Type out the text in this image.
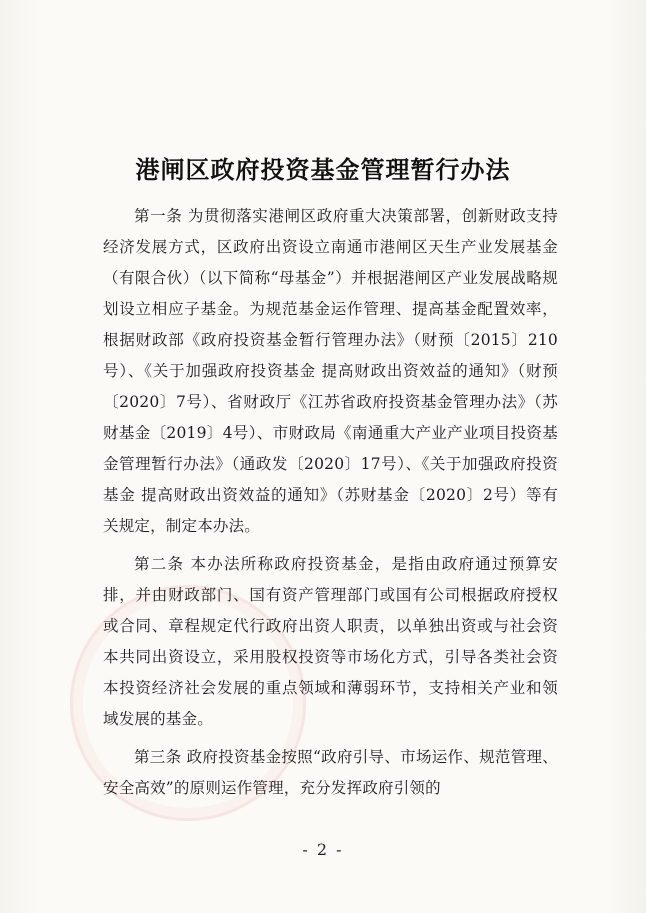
港闸区政府投资基金管理暂行办法

第一条 为贯彻落实港闸区政府重大决策部署，创新财政支持经济发展方式，区政府出资设立南通市港闸区天生产业发展基金（有限合伙）（以下简称“母基金”）并根据港闸区产业发展战略规划设立相应子基金。为规范基金运作管理、提高基金配置效率，根据财政部《政府投资基金暂行管理办法》（财预〔2015〕210号）、《关于加强政府投资基金 提高财政出资效益的通知》（财预〔2020〕7号）、省财政厅《江苏省政府投资基金管理办法》（苏财基金〔2019〕4号）、市财政局《南通重大产业产业项目投资基金管理暂行办法》（通政发〔2020〕17号）、《关于加强政府投资基金 提高财政出资效益的通知》（苏财基金〔2020〕2号）等有关规定，制定本办法。

第二条 本办法所称政府投资基金，是指由政府通过预算安排，并由财政部门、国有资产管理部门或国有公司根据政府授权或合同、章程规定代行政府出资人职责，以单独出资或与社会资本共同出资设立，采用股权投资等市场化方式，引导各类社会资本投资经济社会发展的重点领域和薄弱环节，支持相关产业和领域发展的基金。

第三条 政府投资基金按照“政府引导、市场运作、规范管理、安全高效”的原则运作管理，充分发挥政府引领的

- 2 -
